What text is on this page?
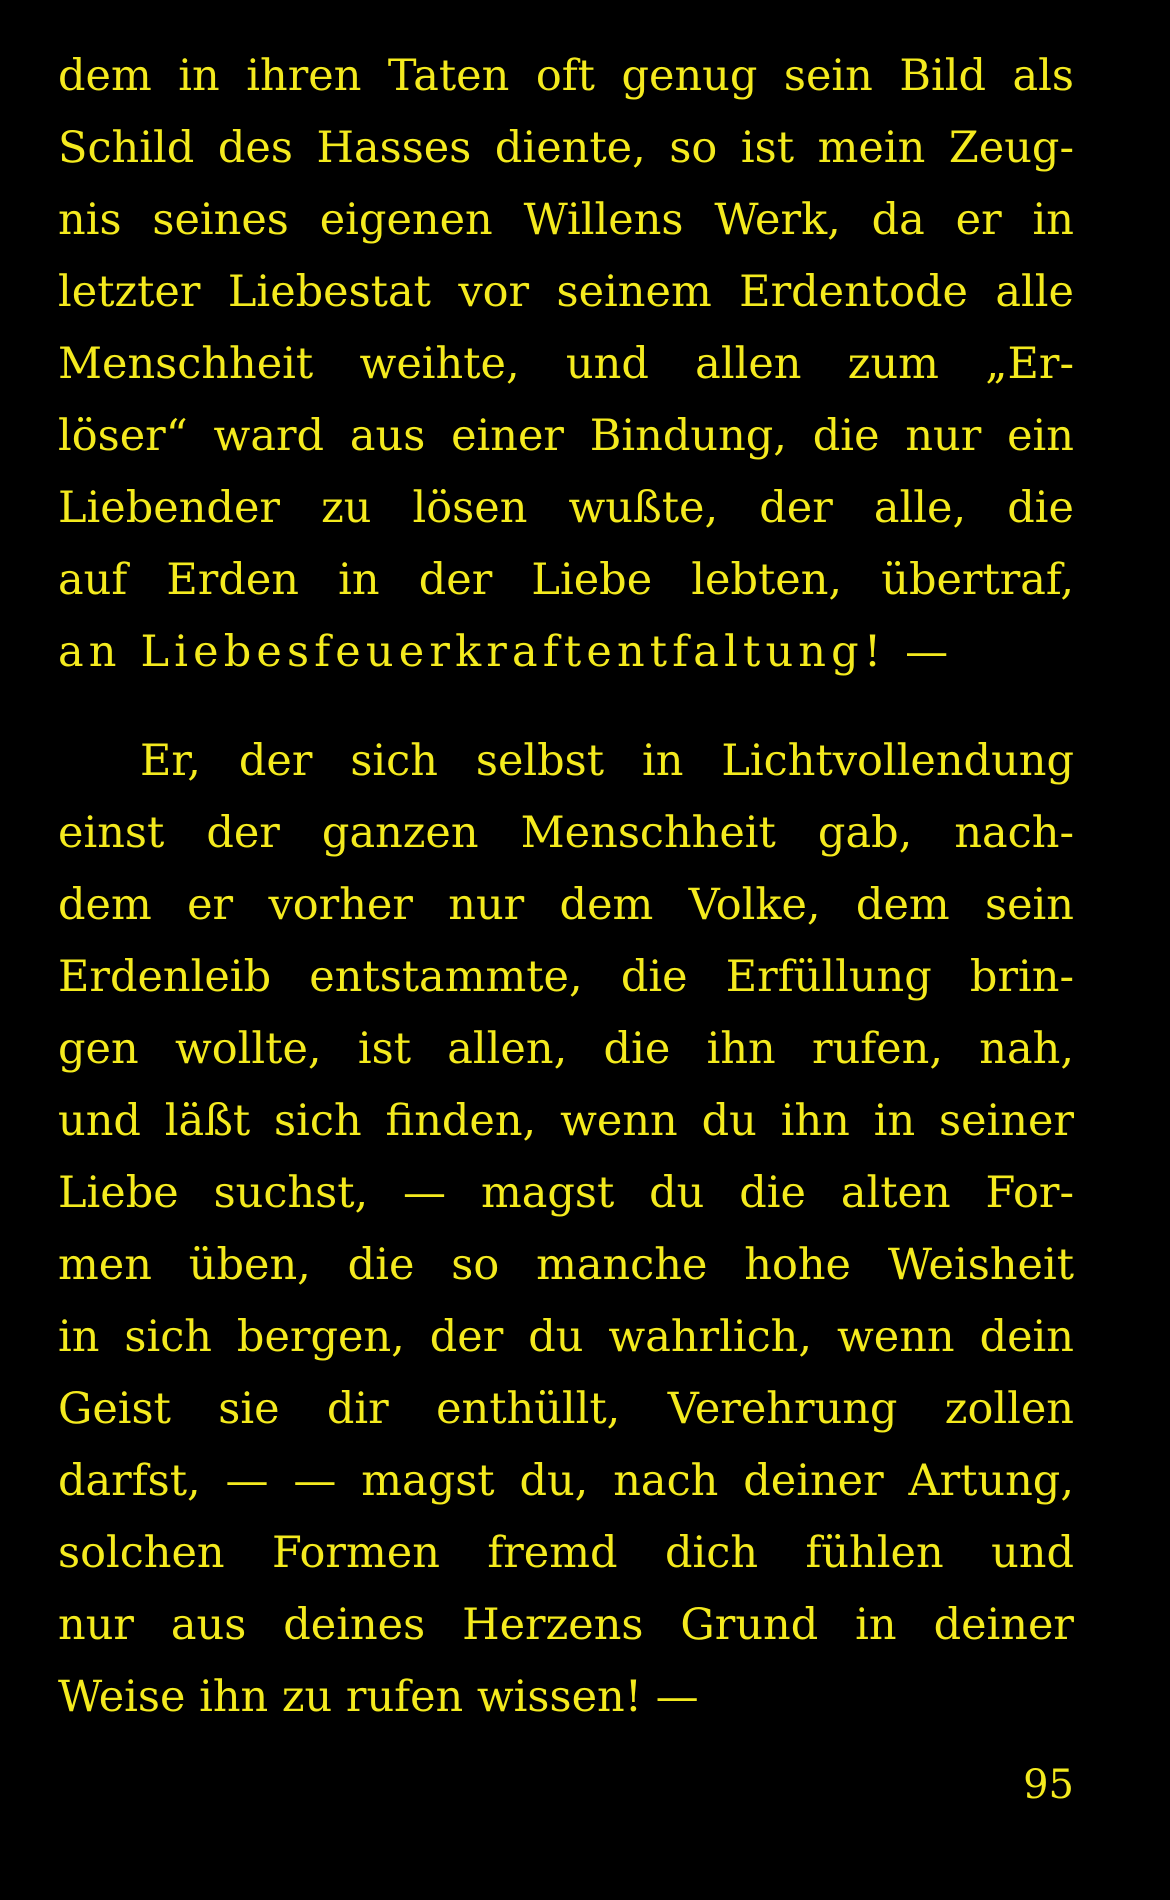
dem in ihren Taten oft genug sein Bild als
Schild des Hasses diente, so ist mein Zeug-
nis seines eigenen Willens Werk, da er in
letzter Liebestat vor seinem Erdentode alle
Menschheit weihte, und allen zum „Er-
löser“ ward aus einer Bindung, die nur ein
Liebender zu lösen wußte, der alle, die
auf Erden in der Liebe lebten, übertraf,
an Liebesfeuerkraftentfaltung! —
Er, der sich selbst in Lichtvollendung
einst der ganzen Menschheit gab, nach-
dem er vorher nur dem Volke, dem sein
Erdenleib entstammte, die Erfüllung brin-
gen wollte, ist allen, die ihn rufen, nah,
und läßt sich finden, wenn du ihn in seiner
Liebe suchst, — magst du die alten For-
men üben, die so manche hohe Weisheit
in sich bergen, der du wahrlich, wenn dein
Geist sie dir enthüllt, Verehrung zollen
darfst, — — magst du, nach deiner Artung,
solchen Formen fremd dich fühlen und
nur aus deines Herzens Grund in deiner
Weise ihn zu rufen wissen! —
95
